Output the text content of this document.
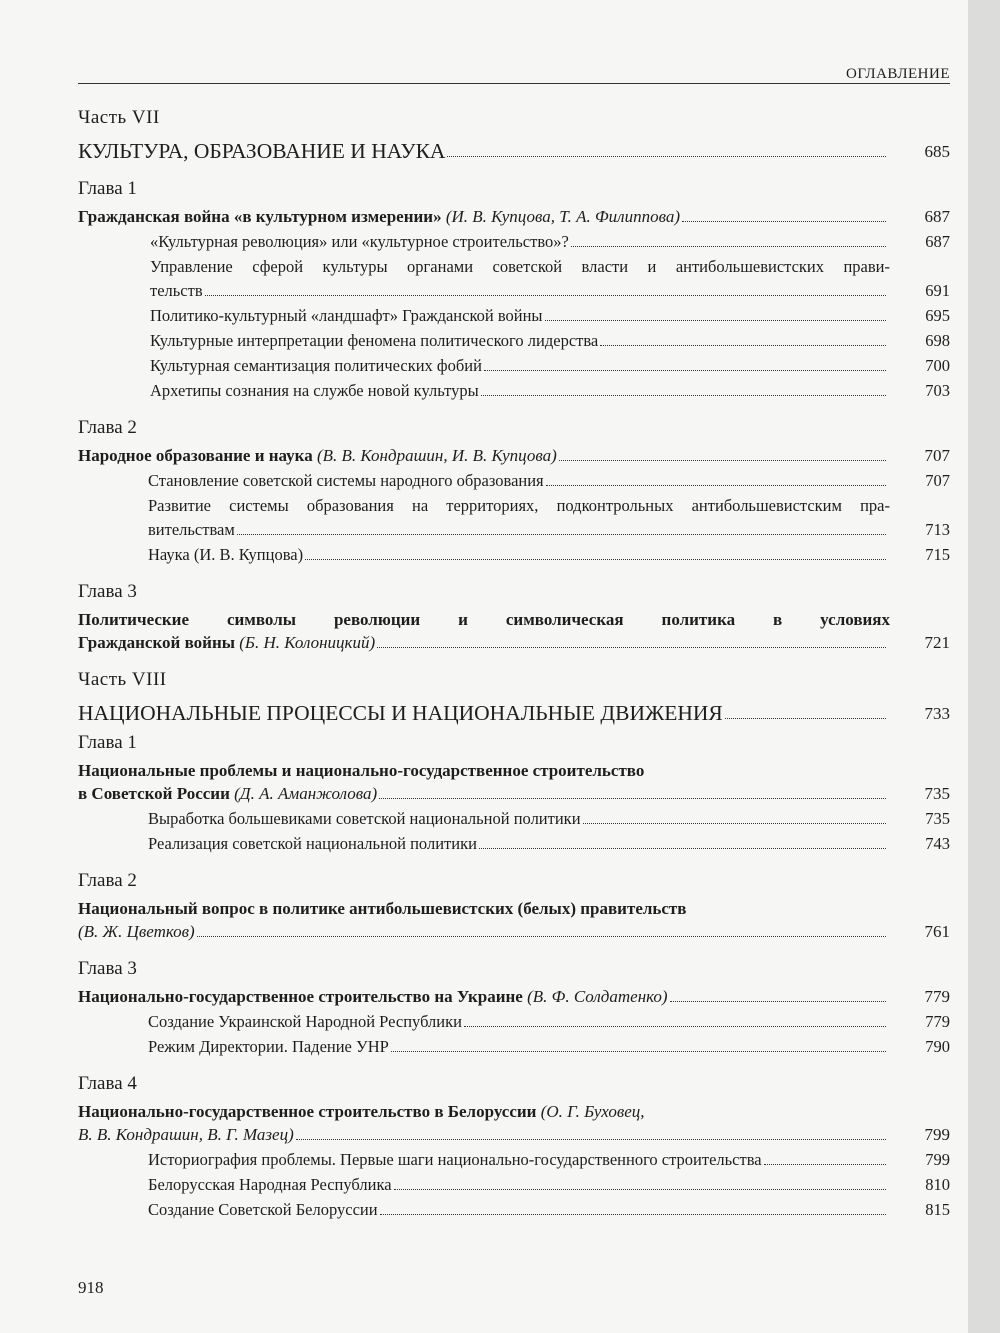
ОГЛАВЛЕНИЕ
Часть VII
КУЛЬТУРА, ОБРАЗОВАНИЕ И НАУКА	685
Глава 1
Гражданская война «в культурном измерении» (И. В. Купцова, Т. А. Филиппова)	687
«Культурная революция» или «культурное строительство»?	687
Управление сферой культуры органами советской власти и антибольшевистских прави-
тельств	691
Политико-культурный «ландшафт» Гражданской войны	695
Культурные интерпретации феномена политического лидерства	698
Культурная семантизация политических фобий	700
Архетипы сознания на службе новой культуры	703
Глава 2
Народное образование и наука (В. В. Кондрашин, И. В. Купцова)	707
Становление советской системы народного образования	707
Развитие системы образования на территориях, подконтрольных антибольшевистским пра-
вительствам	713
Наука (И. В. Купцова)	715
Глава 3
Политические символы революции и символическая политика в условиях
Гражданской войны (Б. Н. Колоницкий)	721
Часть VIII
НАЦИОНАЛЬНЫЕ ПРОЦЕССЫ И НАЦИОНАЛЬНЫЕ ДВИЖЕНИЯ	733
Глава 1
Национальные проблемы и национально-государственное строительство
в Советской России (Д. А. Аманжолова)	735
Выработка большевиками советской национальной политики	735
Реализация советской национальной политики	743
Глава 2
Национальный вопрос в политике антибольшевистских (белых) правительств
(В. Ж. Цветков)	761
Глава 3
Национально-государственное строительство на Украине (В. Ф. Солдатенко)	779
Создание Украинской Народной Республики	779
Режим Директории. Падение УНР	790
Глава 4
Национально-государственное строительство в Белоруссии (О. Г. Буховец,
В. В. Кондрашин, В. Г. Мазец)	799
Историография проблемы. Первые шаги национально-государственного строительства	799
Белорусская Народная Республика	810
Создание Советской Белоруссии	815
918
